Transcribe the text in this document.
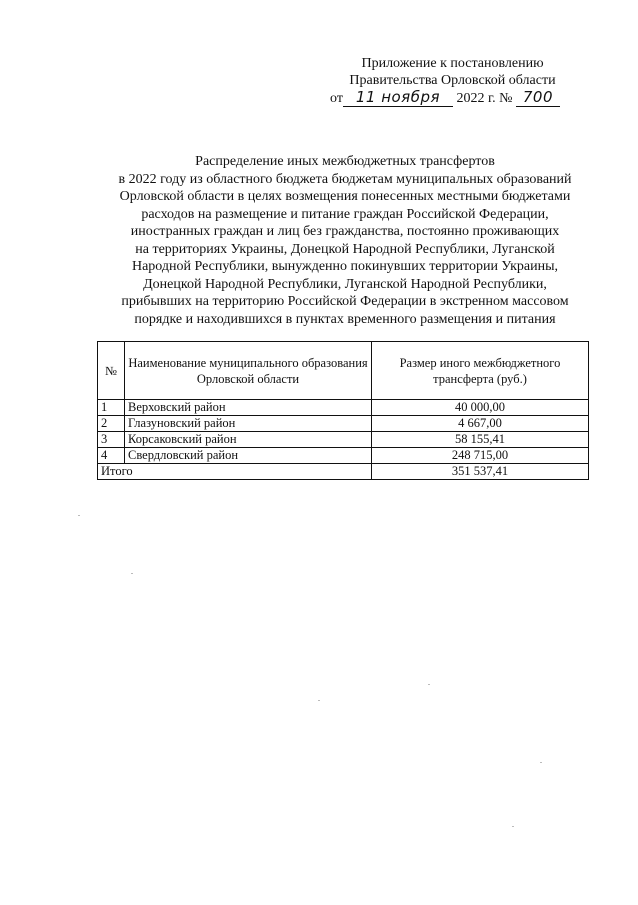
Приложение к постановлению
Правительства Орловской области
от 11 ноября 2022 г. № 700
Распределение иных межбюджетных трансфертов
в 2022 году из областного бюджета бюджетам муниципальных образований
Орловской области в целях возмещения понесенных местными бюджетами
расходов на размещение и питание граждан Российской Федерации,
иностранных граждан и лиц без гражданства, постоянно проживающих
на территориях Украины, Донецкой Народной Республики, Луганской
Народной Республики, вынужденно покинувших территории Украины,
Донецкой Народной Республики, Луганской Народной Республики,
прибывших на территорию Российской Федерации в экстренном массовом
порядке и находившихся в пунктах временного размещения и питания
№	Наименование муниципального образования Орловской области	Размер иного межбюджетного трансферта (руб.)
1	Верховский район	40 000,00
2	Глазуновский район	4 667,00
3	Корсаковский район	58 155,41
4	Свердловский район	248 715,00
Итого		351 537,41
